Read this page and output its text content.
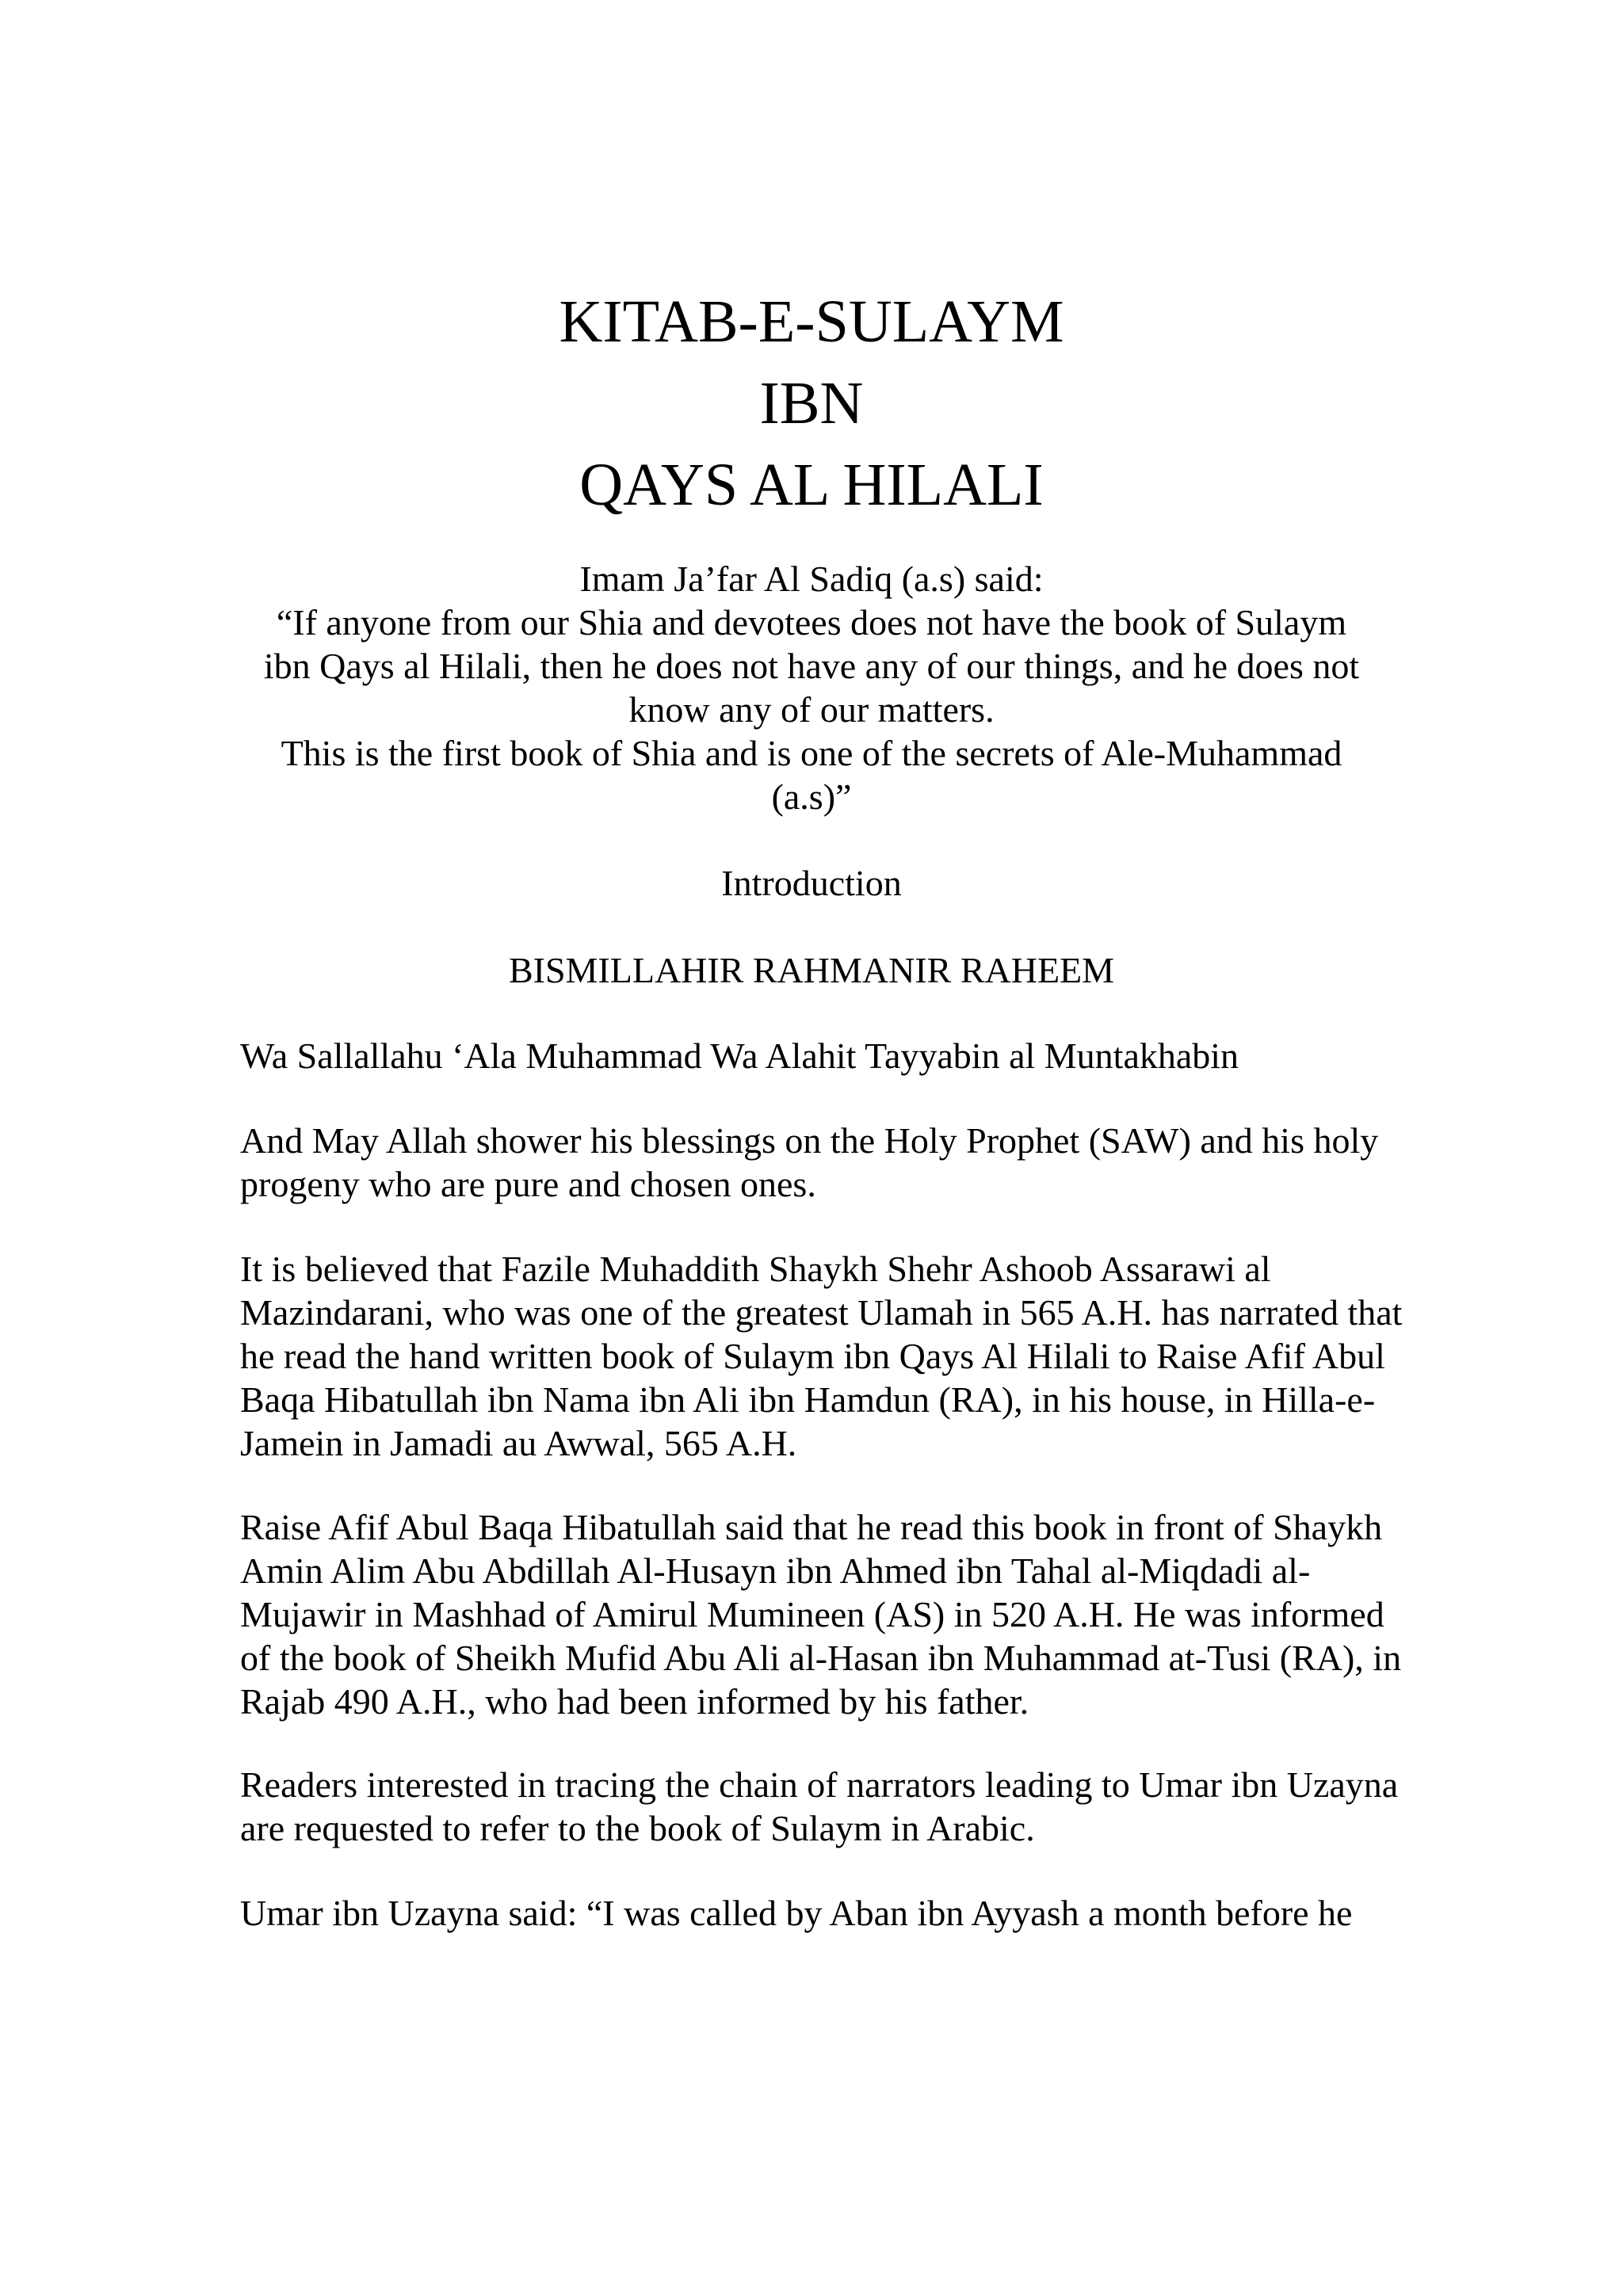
KITAB-E-SULAYM
IBN
QAYS AL HILALI
Imam Ja’far Al Sadiq (a.s) said:
“If anyone from our Shia and devotees does not have the book of Sulaym
ibn Qays al Hilali, then he does not have any of our things, and he does not
know any of our matters.
This is the first book of Shia and is one of the secrets of Ale-Muhammad
(a.s)”
Introduction
BISMILLAHIR RAHMANIR RAHEEM

Wa Sallallahu ‘Ala Muhammad Wa Alahit Tayyabin al Muntakhabin

And May Allah shower his blessings on the Holy Prophet (SAW) and his holy progeny who are pure and chosen ones.

It is believed that Fazile Muhaddith Shaykh Shehr Ashoob Assarawi al Mazindarani, who was one of the greatest Ulamah in 565 A.H. has narrated that he read the hand written book of Sulaym ibn Qays Al Hilali to Raise Afif Abul Baqa Hibatullah ibn Nama ibn Ali ibn Hamdun (RA), in his house, in Hilla-e-Jamein in Jamadi au Awwal, 565 A.H.

Raise Afif Abul Baqa Hibatullah said that he read this book in front of Shaykh Amin Alim Abu Abdillah Al-Husayn ibn Ahmed ibn Tahal al-Miqdadi al-Mujawir in Mashhad of Amirul Mumineen (AS) in 520 A.H. He was informed of the book of Sheikh Mufid Abu Ali al-Hasan ibn Muhammad at-Tusi (RA), in Rajab 490 A.H., who had been informed by his father.

Readers interested in tracing the chain of narrators leading to Umar ibn Uzayna are requested to refer to the book of Sulaym in Arabic.

Umar ibn Uzayna said: “I was called by Aban ibn Ayyash a month before he
